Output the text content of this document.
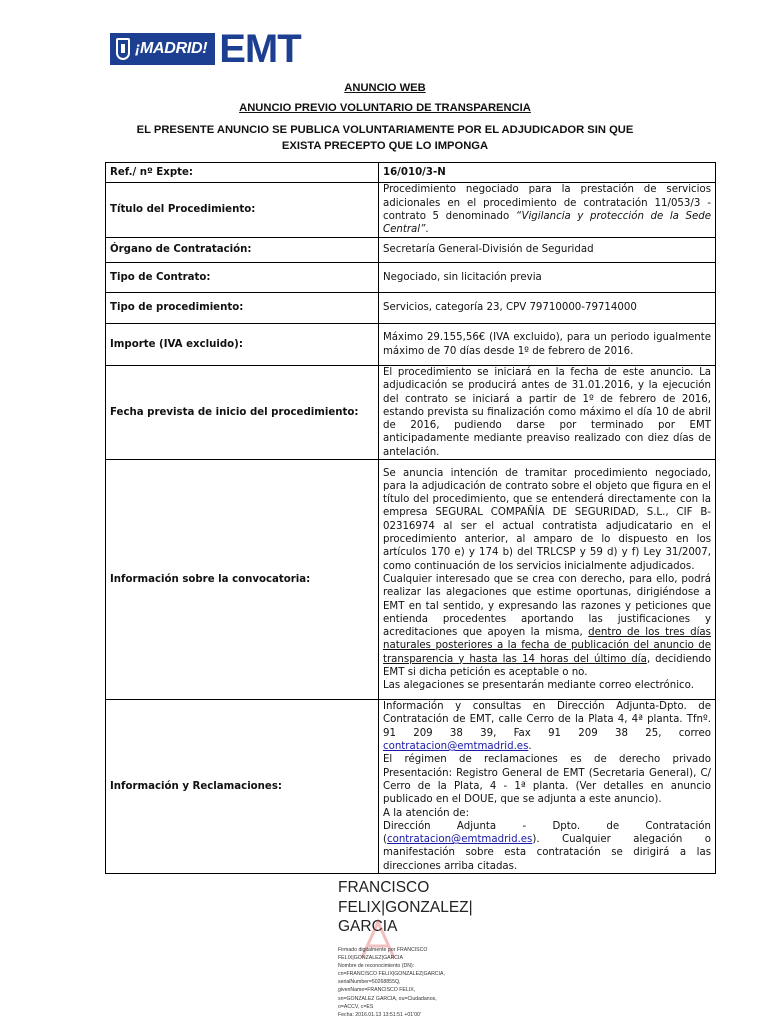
¡MADRID! EMT
ANUNCIO WEB
ANUNCIO PREVIO VOLUNTARIO DE TRANSPARENCIA
EL PRESENTE ANUNCIO SE PUBLICA VOLUNTARIAMENTE POR EL ADJUDICADOR SIN QUE
EXISTA PRECEPTO QUE LO IMPONGA
Ref./ nº Expte:	16/010/3-N
Título del Procedimiento:	Procedimiento negociado para la prestación de servicios adicionales en el procedimiento de contratación 11/053/3 - contrato 5 denominado “Vigilancia y protección de la Sede Central”.
Órgano de Contratación:	Secretaría General-División de Seguridad
Tipo de Contrato:	Negociado, sin licitación previa
Tipo de procedimiento:	Servicios, categoría 23, CPV 79710000-79714000
Importe (IVA excluido):	Máximo 29.155,56€ (IVA excluido), para un periodo igualmente máximo de 70 días desde 1º de febrero de 2016.
Fecha prevista de inicio del procedimiento:	El procedimiento se iniciará en la fecha de este anuncio. La adjudicación se producirá antes de 31.01.2016, y la ejecución del contrato se iniciará a partir de 1º de febrero de 2016, estando prevista su finalización como máximo el día 10 de abril de 2016, pudiendo darse por terminado por EMT anticipadamente mediante preaviso realizado con diez días de antelación.
Información sobre la convocatoria:	Se anuncia intención de tramitar procedimiento negociado, para la adjudicación de contrato sobre el objeto que figura en el título del procedimiento, que se entenderá directamente con la empresa SEGURAL COMPAÑÍA DE SEGURIDAD, S.L., CIF B-02316974 al ser el actual contratista adjudicatario en el procedimiento anterior, al amparo de lo dispuesto en los artículos 170 e) y 174 b) del TRLCSP y 59 d) y f) Ley 31/2007, como continuación de los servicios inicialmente adjudicados.
Cualquier interesado que se crea con derecho, para ello, podrá realizar las alegaciones que estime oportunas, dirigiéndose a EMT en tal sentido, y expresando las razones y peticiones que entienda procedentes aportando las justificaciones y acreditaciones que apoyen la misma, dentro de los tres días naturales posteriores a la fecha de publicación del anuncio de transparencia y hasta las 14 horas del último día, decidiendo EMT si dicha petición es aceptable o no.
Las alegaciones se presentarán mediante correo electrónico.

Información y Reclamaciones:	Información y consultas en Dirección Adjunta-Dpto. de Contratación de EMT, calle Cerro de la Plata 4, 4ª planta. Tfnº. 91 209 38 39, Fax 91 209 38 25, correo contratacion@emtmadrid.es.
El régimen de reclamaciones es de derecho privado Presentación: Registro General de EMT (Secretaria General), C/ Cerro de la Plata, 4 - 1ª planta. (Ver detalles en anuncio publicado en el DOUE, que se adjunta a este anuncio).
A la atención de:
Dirección Adjunta - Dpto. de Contratación (contratacion@emtmadrid.es). Cualquier alegación o manifestación sobre esta contratación se dirigirá a las direcciones arriba citadas.
FRANCISCO
FELIX|GONZALEZ|
GARCIA
Firmado digitalmente por FRANCISCO
FELIX|GONZALEZ|GARCIA
Nombre de reconocimiento (DN):
cn=FRANCISCO FELIX|GONZALEZ|GARCIA,
serialNumber=50268855Q,
givenName=FRANCISCO FELIX,
sn=GONZALEZ GARCIA, ou=Ciudadanos,
o=ACCV, c=ES
Fecha: 2016.01.13 13:51:51 +01'00'
